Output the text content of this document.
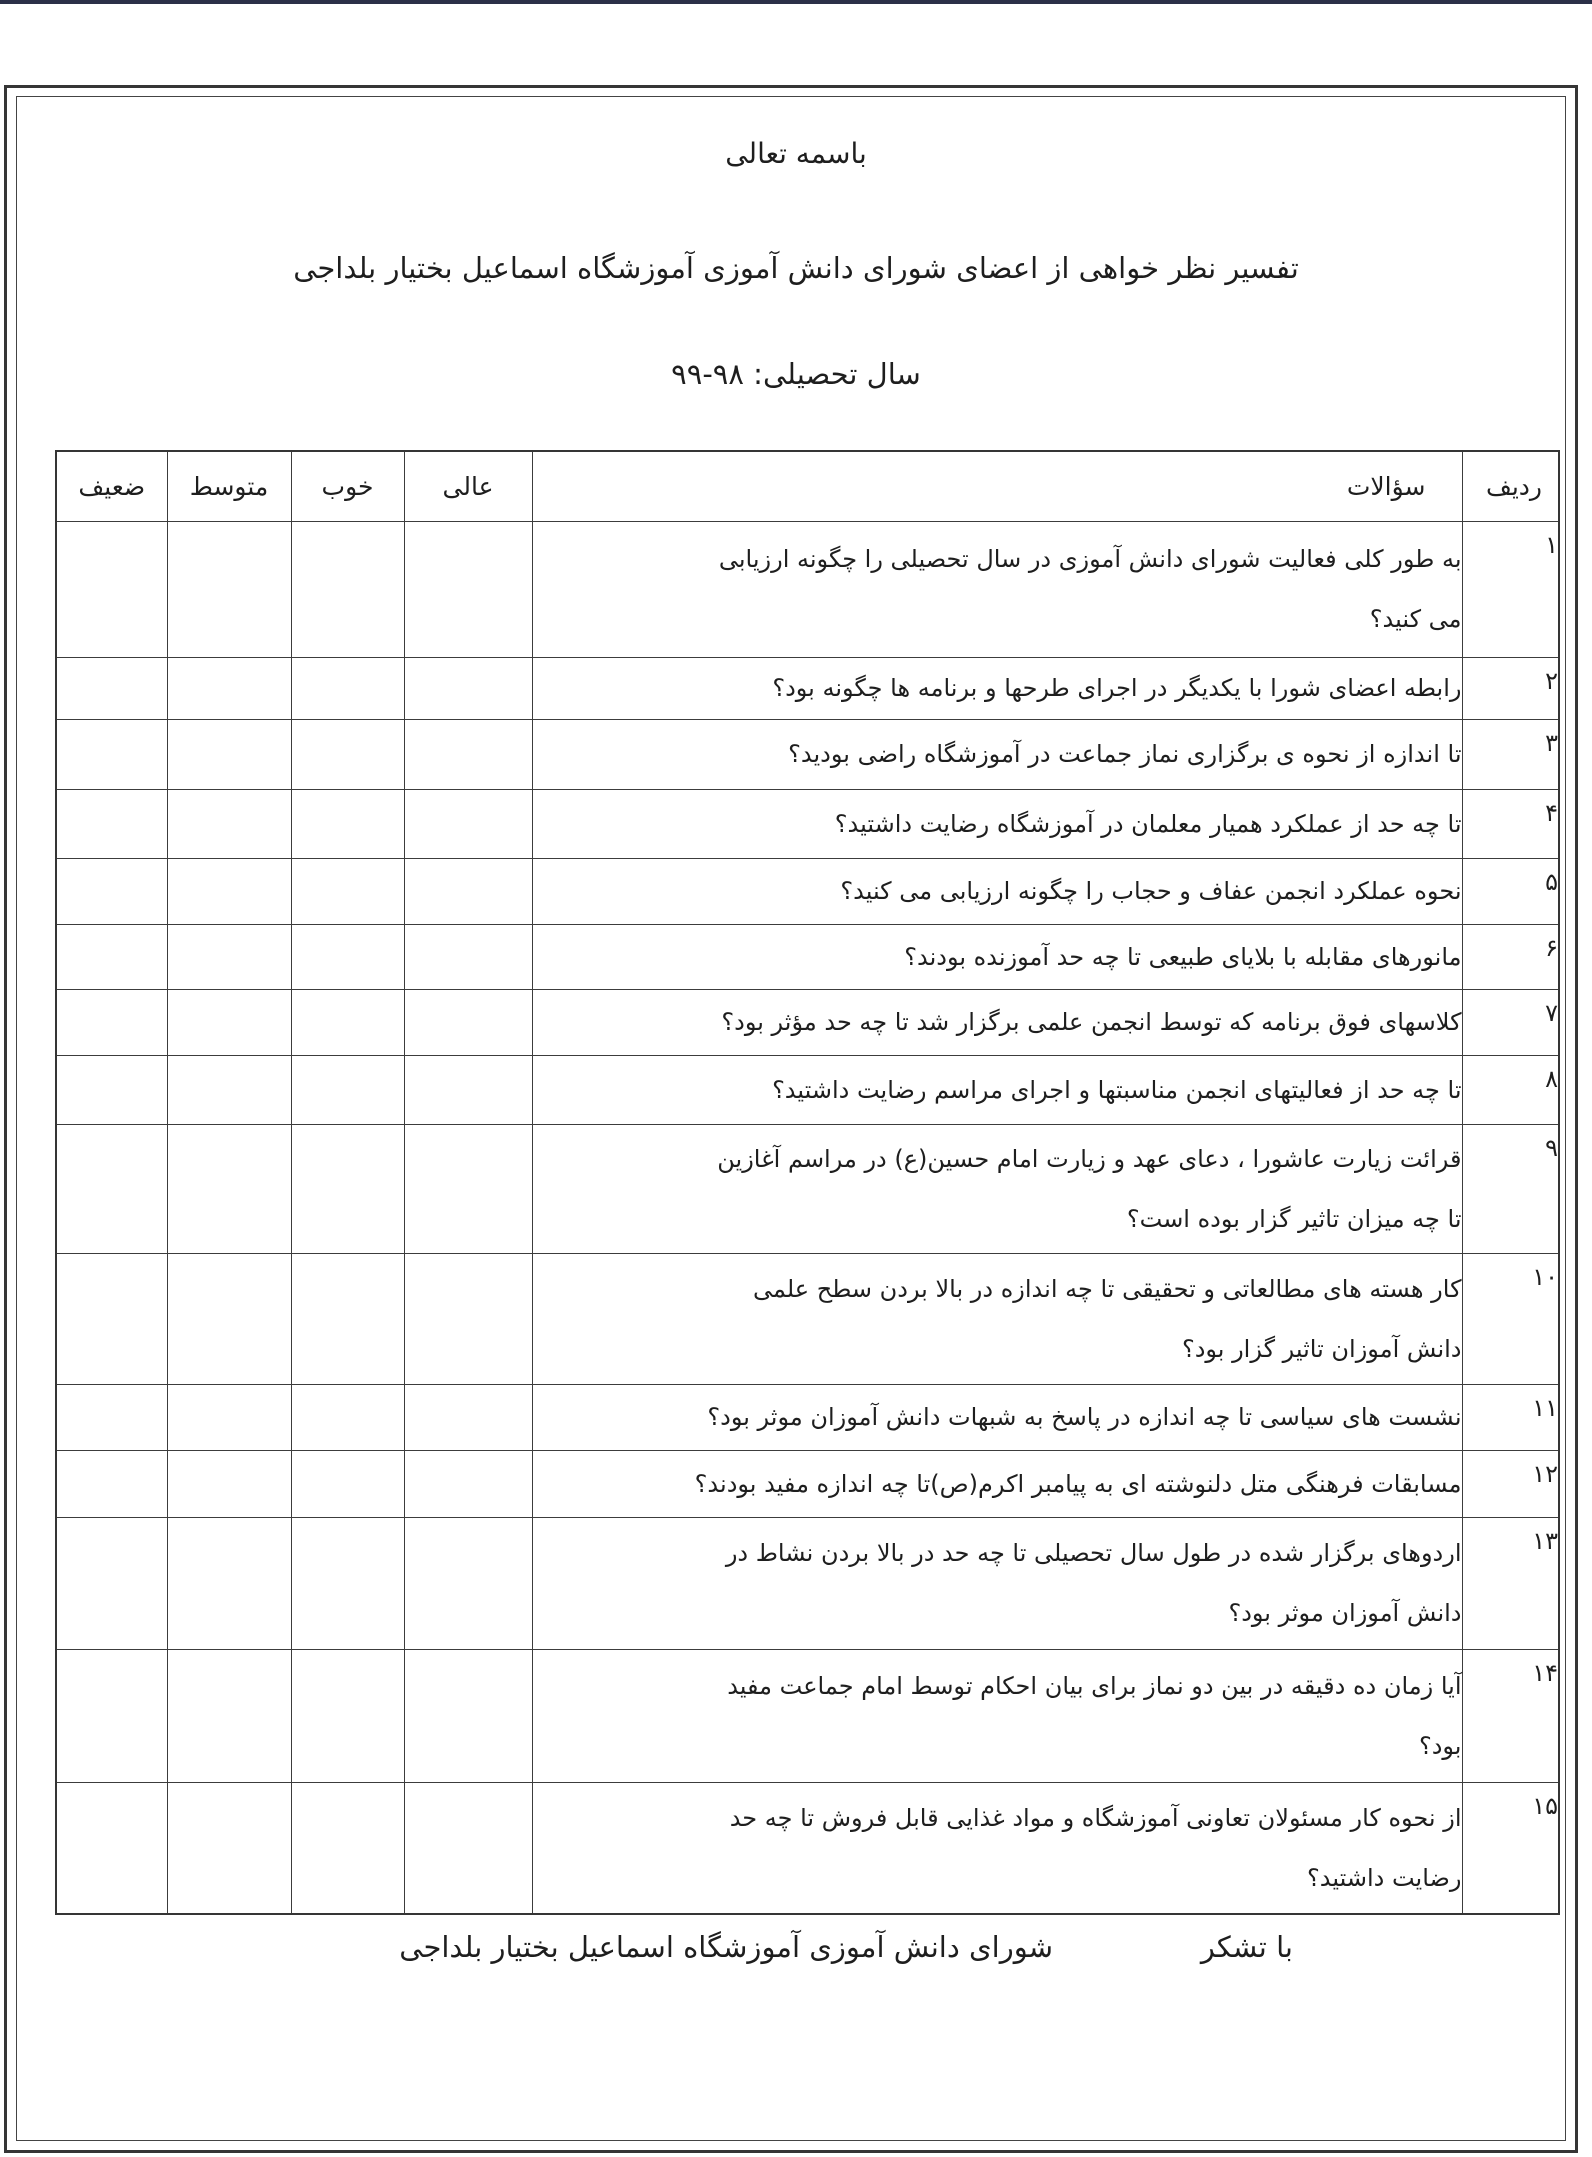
باسمه تعالی
تفسیر نظر خواهی از اعضای شورای دانش آموزی آموزشگاه اسماعیل بختیار بلداجی
سال تحصیلی: ۹۸-۹۹
ردیف	سؤالات	عالی	خوب	متوسط	ضعیف
۱	به طور کلی فعالیت شورای دانش آموزی در سال تحصیلی را چگونه ارزیابی
می کنید؟				

۲	رابطه اعضای شورا با یکدیگر در اجرای طرحها و برنامه ها چگونه بود؟				

۳	تا اندازه از نحوه ی برگزاری نماز جماعت در آموزشگاه راضی بودید؟				

۴	تا چه حد از عملکرد همیار معلمان در آموزشگاه رضایت داشتید؟				

۵	نحوه عملکرد انجمن عفاف و حجاب را چگونه ارزیابی می کنید؟				

۶	مانورهای مقابله با بلایای طبیعی تا چه حد آموزنده بودند؟				

۷	کلاسهای فوق برنامه که توسط انجمن علمی برگزار شد تا چه حد مؤثر بود؟				

۸	تا چه حد از فعالیتهای انجمن مناسبتها و اجرای مراسم رضایت داشتید؟				

۹	قرائت زیارت عاشورا ، دعای عهد و زیارت امام حسین(ع) در مراسم آغازین
تا چه میزان تاثیر گزار بوده است؟				

۱۰	کار هسته های مطالعاتی و تحقیقی تا چه اندازه در بالا بردن سطح علمی
دانش آموزان تاثیر گزار بود؟				

۱۱	نشست های سیاسی تا چه اندازه در پاسخ به شبهات دانش آموزان موثر بود؟				

۱۲	مسابقات فرهنگی متل دلنوشته ای به پیامبر اکرم(ص)تا چه اندازه مفید بودند؟				

۱۳	اردوهای برگزار شده در طول سال تحصیلی تا چه حد در بالا بردن نشاط در
دانش آموزان موثر بود؟				

۱۴	آیا زمان ده دقیقه در بین دو نماز برای بیان احکام توسط امام جماعت مفید
بود؟				

۱۵	از نحوه کار مسئولان تعاونی آموزشگاه و مواد غذایی قابل فروش تا چه حد
رضایت داشتید؟				

با تشکر
شورای دانش آموزی آموزشگاه اسماعیل بختیار بلداجی
